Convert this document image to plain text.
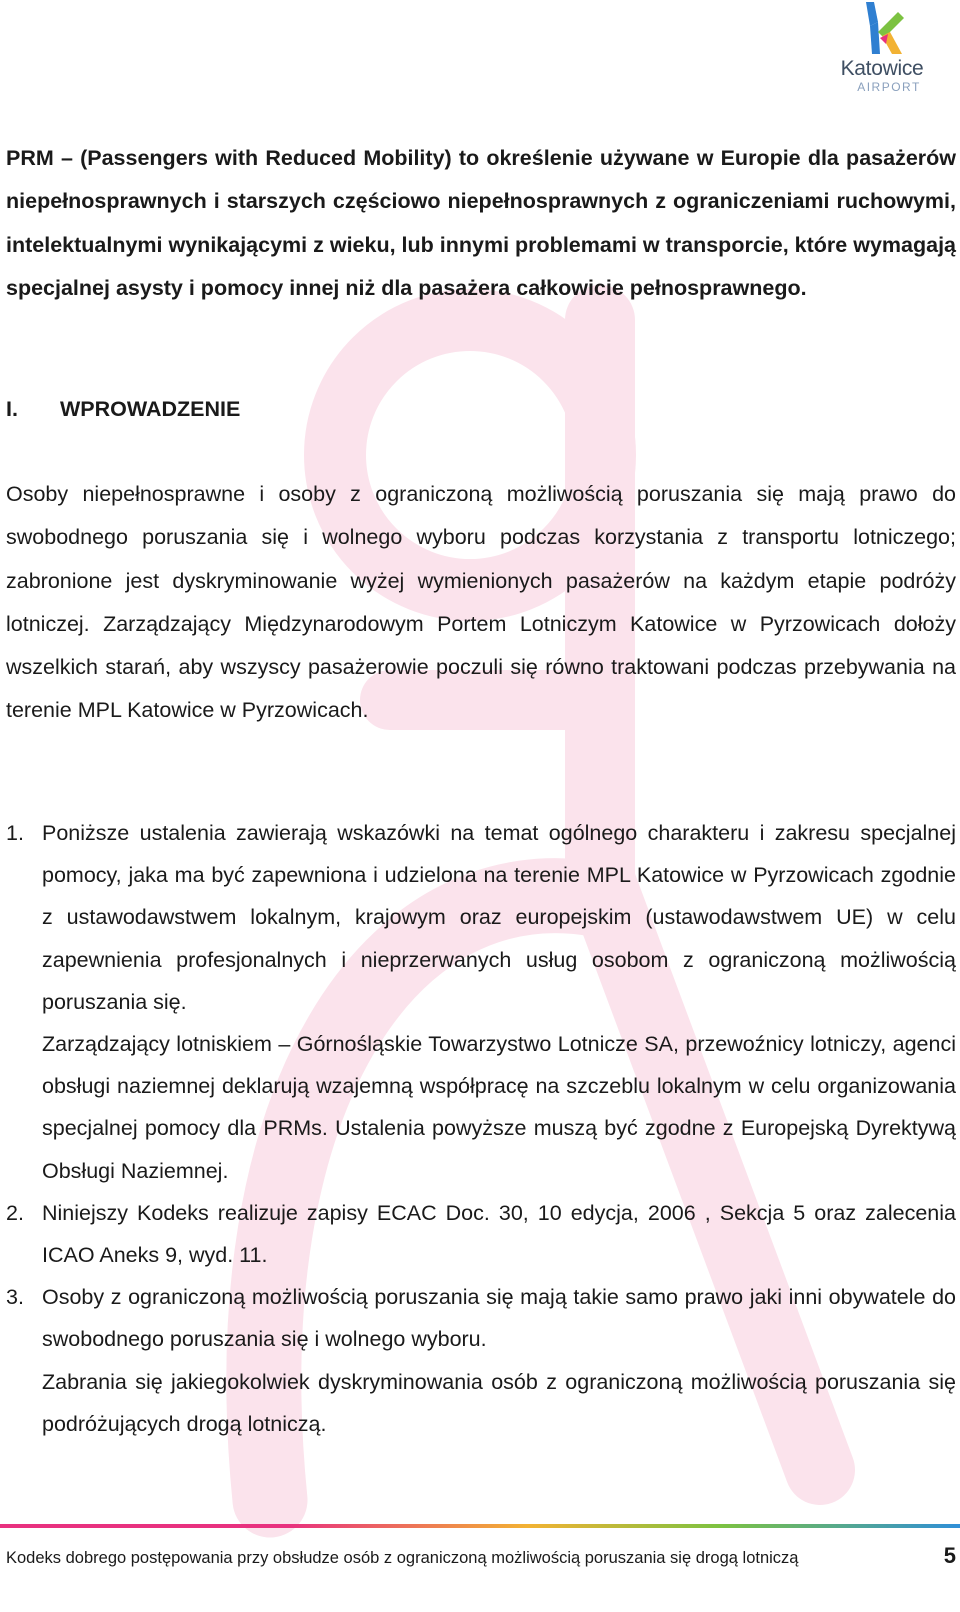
Katowice
AIRPORT

PRM – (Passengers with Reduced Mobility) to określenie używane w Europie dla pasażerów niepełnosprawnych i starszych częściowo niepełnosprawnych z ograniczeniami ruchowymi, intelektualnymi wynikającymi z wieku, lub innymi problemami w transporcie, które wymagają specjalnej asysty i pomocy innej niż dla pasażera całkowicie pełnosprawnego.

I. WPROWADZENIE

Osoby niepełnosprawne i osoby z ograniczoną możliwością poruszania się mają prawo do swobodnego poruszania się i wolnego wyboru podczas korzystania z transportu lotniczego; zabronione jest dyskryminowanie wyżej wymienionych pasażerów na każdym etapie podróży lotniczej. Zarządzający Międzynarodowym Portem Lotniczym Katowice w Pyrzowicach dołoży wszelkich starań, aby wszyscy pasażerowie poczuli się równo traktowani podczas przebywania na terenie MPL Katowice w Pyrzowicach.

1. Poniższe ustalenia zawierają wskazówki na temat ogólnego charakteru i zakresu specjalnej pomocy, jaka ma być zapewniona i udzielona na terenie MPL Katowice w Pyrzowicach zgodnie z ustawodawstwem lokalnym, krajowym oraz europejskim (ustawodawstwem UE) w celu zapewnienia profesjonalnych i nieprzerwanych usług osobom z ograniczoną możliwością poruszania się.

Zarządzający lotniskiem – Górnośląskie Towarzystwo Lotnicze SA, przewoźnicy lotniczy, agenci obsługi naziemnej deklarują wzajemną współpracę na szczeblu lokalnym w celu organizowania specjalnej pomocy dla PRMs. Ustalenia powyższe muszą być zgodne z Europejską Dyrektywą Obsługi Naziemnej.

2. Niniejszy Kodeks realizuje zapisy ECAC Doc. 30, 10 edycja, 2006 , Sekcja 5 oraz zalecenia ICAO Aneks 9, wyd. 11.

3. Osoby z ograniczoną możliwością poruszania się mają takie samo prawo jaki inni obywatele do swobodnego poruszania się i wolnego wyboru.

Zabrania się jakiegokolwiek dyskryminowania osób z ograniczoną możliwością poruszania się podróżujących drogą lotniczą.

Kodeks dobrego postępowania przy obsłudze osób z ograniczoną możliwością poruszania się drogą lotniczą	5
